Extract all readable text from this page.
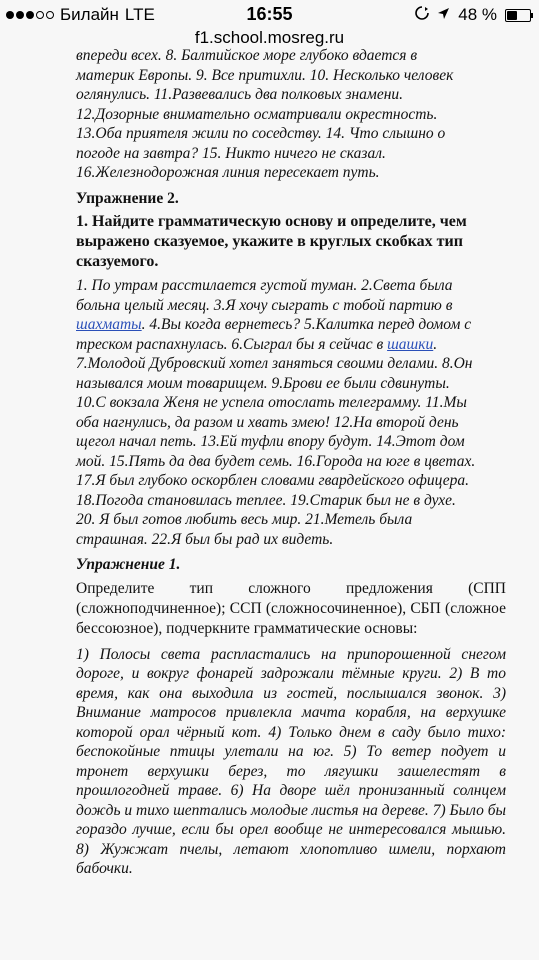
Билайн LTE	16:55	48 %
f1.school.mosreg.ru

впереди всех. 8. Балтийское море глубоко вдается в

материк Европы. 9. Все притихли. 10. Несколько человек

оглянулись. 11.Развевались два полковых знамени.

12.Дозорные внимательно осматривали окрестность.

13.Оба приятеля жили по соседству. 14. Что слышно о

погоде на завтра? 15. Никто ничего не сказал.

16.Железнодорожная линия пересекает путь.

Упражнение 2.
1. Найдите грамматическую основу и определите, чем выражено сказуемое, укажите в круглых скобках тип сказуемого.

1. По утрам расстилается густой туман. 2.Света была

больна целый месяц. 3.Я хочу сыграть с тобой партию в

шахматы. 4.Вы когда вернетесь? 5.Калитка перед домом с

треском распахнулась. 6.Сыграл бы я сейчас в шашки.

7.Молодой Дубровский хотел заняться своими делами. 8.Он

назывался моим товарищем. 9.Брови ее были сдвинуты.

10.С вокзала Женя не успела отослать телеграмму. 11.Мы

оба нагнулись, да разом и хвать змею! 12.На второй день

щегол начал петь. 13.Ей туфли впору будут. 14.Этот дом

мой. 15.Пять да два будет семь. 16.Города на юге в цветах.

17.Я был глубоко оскорблен словами гвардейского офицера.

18.Погода становилась теплее. 19.Старик был не в духе.

20. Я был готов любить весь мир. 21.Метель была

страшная. 22.Я был бы рад их видеть.

Упражнение 1.

Определите тип сложного предложения (СПП (сложноподчиненное); ССП (сложносочиненное), СБП (сложное бессоюзное), подчеркните грамматические основы:

1) Полосы света распластались на припорошенной снегом дороге, и вокруг фонарей задрожали тёмные круги. 2) В то время, как она выходила из гостей, послышался звонок. 3) Внимание матросов привлекла мачта корабля, на верхушке которой орал чёрный кот. 4) Только днем в саду было тихо: беспокойные птицы улетали на юг. 5) То ветер подует и тронет верхушки берез, то лягушки зашелестят в прошлогодней траве. 6) На дворе шёл пронизанный солнцем дождь и тихо шептались молодые листья на дереве. 7) Было бы гораздо лучше, если бы орел вообще не интересовался мышью. 8) Жужжат пчелы, летают хлопотливо шмели, порхают бабочки.
